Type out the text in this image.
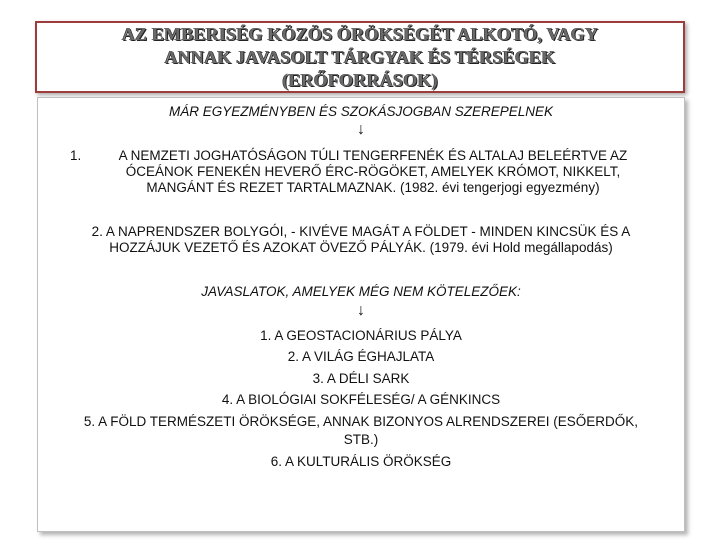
AZ EMBERISÉG KÖZÖS ÖRÖKSÉGÉT ALKOTÓ, VAGY
ANNAK JAVASOLT TÁRGYAK ÉS TÉRSÉGEK
(ERŐFORRÁSOK)
MÁR EGYEZMÉNYBEN ÉS SZOKÁSJOGBAN SZEREPELNEK
↓
1.	A NEMZETI JOGHATÓSÁGON TÚLI TENGERFENÉK ÉS ALTALAJ BELEÉRTVE AZ
ÓCEÁNOK FENEKÉN HEVERŐ ÉRC-RÖGÖKET, AMELYEK KRÓMOT, NIKKELT,
MANGÁNT ÉS REZET TARTALMAZNAK. (1982. évi tengerjogi egyezmény)
2. A NAPRENDSZER BOLYGÓI, - KIVÉVE MAGÁT A FÖLDET - MINDEN KINCSÜK ÉS A
HOZZÁJUK VEZETŐ ÉS AZOKAT ÖVEZŐ PÁLYÁK. (1979. évi Hold megállapodás)
JAVASLATOK, AMELYEK MÉG NEM KÖTELEZŐEK:
↓
1. A GEOSTACIONÁRIUS PÁLYA
2. A VILÁG ÉGHAJLATA
3. A DÉLI SARK
4. A BIOLÓGIAI SOKFÉLESÉG/ A GÉNKINCS
5. A FÖLD TERMÉSZETI ÖRÖKSÉGE, ANNAK BIZONYOS ALRENDSZEREI (ESŐERDŐK,
STB.)
6. A KULTURÁLIS ÖRÖKSÉG
